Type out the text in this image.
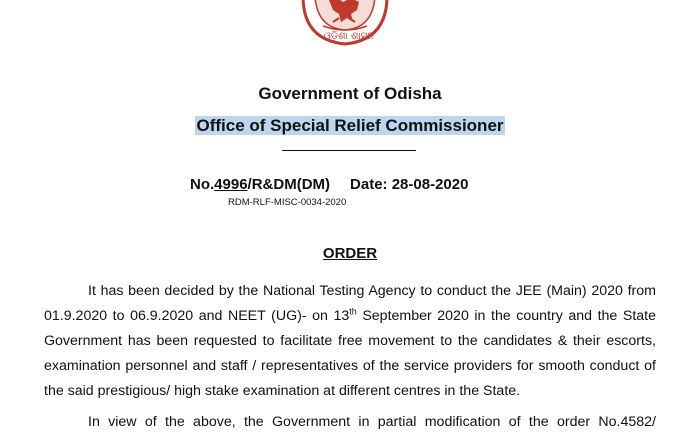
ଓଡ଼ିଶା ଶାସନ
Government of Odisha
Office of Special Relief Commissioner
No.4996/R&DM(DM) Date: 28-08-2020
RDM-RLF-MISC-0034-2020
ORDER
It has been decided by the National Testing Agency to conduct the JEE (Main) 2020 from
01.9.2020 to 06.9.2020 and NEET (UG)- on 13th September 2020 in the country and the State
Government has been requested to facilitate free movement to the candidates & their escorts,
examination personnel and staff / representatives of the service providers for smooth conduct of
the said prestigious/ high stake examination at different centres in the State.
In view of the above, the Government in partial modification of the order No.4582/
